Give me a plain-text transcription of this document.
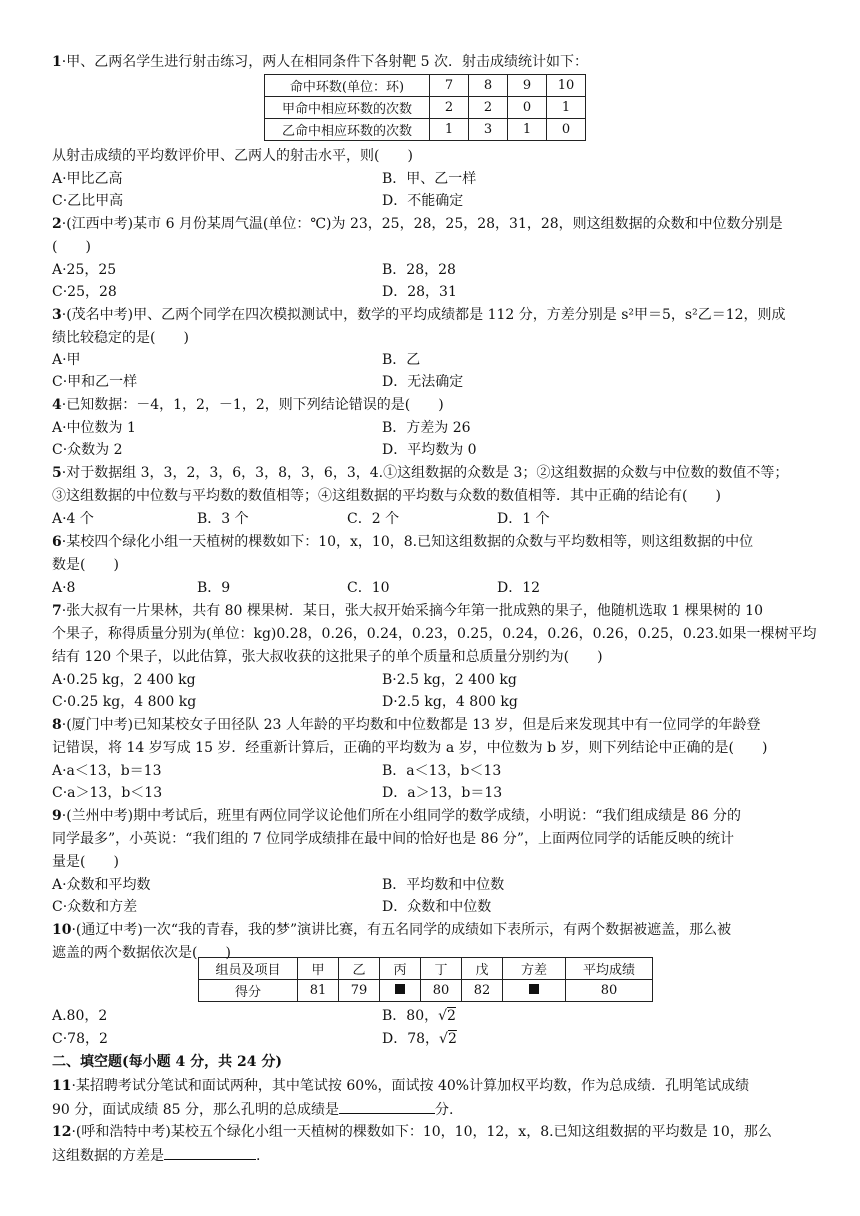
1·甲、乙两名学生进行射击练习，两人在相同条件下各射靶 5 次．射击成绩统计如下：
命中环数(单位：环)	7	8	9	10
甲命中相应环数的次数	2	2	0	1
乙命中相应环数的次数	1	3	1	0
从射击成绩的平均数评价甲、乙两人的射击水平，则(　　)
A·甲比乙高	B．甲、乙一样
C·乙比甲高	D．不能确定
2·(江西中考)某市 6 月份某周气温(单位：℃)为 23，25，28，25，28，31，28，则这组数据的众数和中位数分别是
(　　)
A·25，25	B．28，28
C·25，28	D．28，31
3·(茂名中考)甲、乙两个同学在四次模拟测试中，数学的平均成绩都是 112 分，方差分别是 s²甲＝5，s²乙＝12，则成
绩比较稳定的是(　　)
A·甲	B．乙
C·甲和乙一样	D．无法确定
4·已知数据：－4，1，2，－1，2，则下列结论错误的是(　　)
A·中位数为 1	B．方差为 26
C·众数为 2	D．平均数为 0
5·对于数据组 3，3，2，3，6，3，8，3，6，3，4.①这组数据的众数是 3；②这组数据的众数与中位数的数值不等；
③这组数据的中位数与平均数的数值相等；④这组数据的平均数与众数的数值相等．其中正确的结论有(　　)
A·4 个	B．3 个	C．2 个	D．1 个
6·某校四个绿化小组一天植树的棵数如下：10，x，10，8.已知这组数据的众数与平均数相等，则这组数据的中位
数是(　　)
A·8	B．9	C．10	D．12
7·张大叔有一片果林，共有 80 棵果树．某日，张大叔开始采摘今年第一批成熟的果子，他随机选取 1 棵果树的 10
个果子，称得质量分别为(单位：kg)0.28，0.26，0.24，0.23，0.25，0.24，0.26，0.26，0.25，0.23.如果一棵树平均
结有 120 个果子，以此估算，张大叔收获的这批果子的单个质量和总质量分别约为(　　)
A·0.25 kg，2 400 kg	B·2.5 kg，2 400 kg
C·0.25 kg，4 800 kg	D·2.5 kg，4 800 kg
8·(厦门中考)已知某校女子田径队 23 人年龄的平均数和中位数都是 13 岁，但是后来发现其中有一位同学的年龄登
记错误，将 14 岁写成 15 岁．经重新计算后，正确的平均数为 a 岁，中位数为 b 岁，则下列结论中正确的是(　　)
A·a＜13，b＝13	B．a＜13，b＜13
C·a＞13，b＜13	D．a＞13，b＝13
9·(兰州中考)期中考试后，班里有两位同学议论他们所在小组同学的数学成绩，小明说：“我们组成绩是 86 分的
同学最多”，小英说：“我们组的 7 位同学成绩排在最中间的恰好也是 86 分”，上面两位同学的话能反映的统计
量是(　　)
A·众数和平均数	B．平均数和中位数
C·众数和方差	D．众数和中位数
10·(通辽中考)一次“我的青春，我的梦”演讲比赛，有五名同学的成绩如下表所示，有两个数据被遮盖，那么被
遮盖的两个数据依次是(　　)
组员及项目	甲	乙	丙	丁	戊	方差	平均成绩
得分	81	79		80	82		80
A.80，2	B．80，√2
C·78，2	D．78，√2
二、填空题(每小题 4 分，共 24 分)
11·某招聘考试分笔试和面试两种，其中笔试按 60%，面试按 40%计算加权平均数，作为总成绩．孔明笔试成绩
90 分，面试成绩 85 分，那么孔明的总成绩是	分.
12·(呼和浩特中考)某校五个绿化小组一天植树的棵数如下：10，10，12，x，8.已知这组数据的平均数是 10，那么
这组数据的方差是	.
